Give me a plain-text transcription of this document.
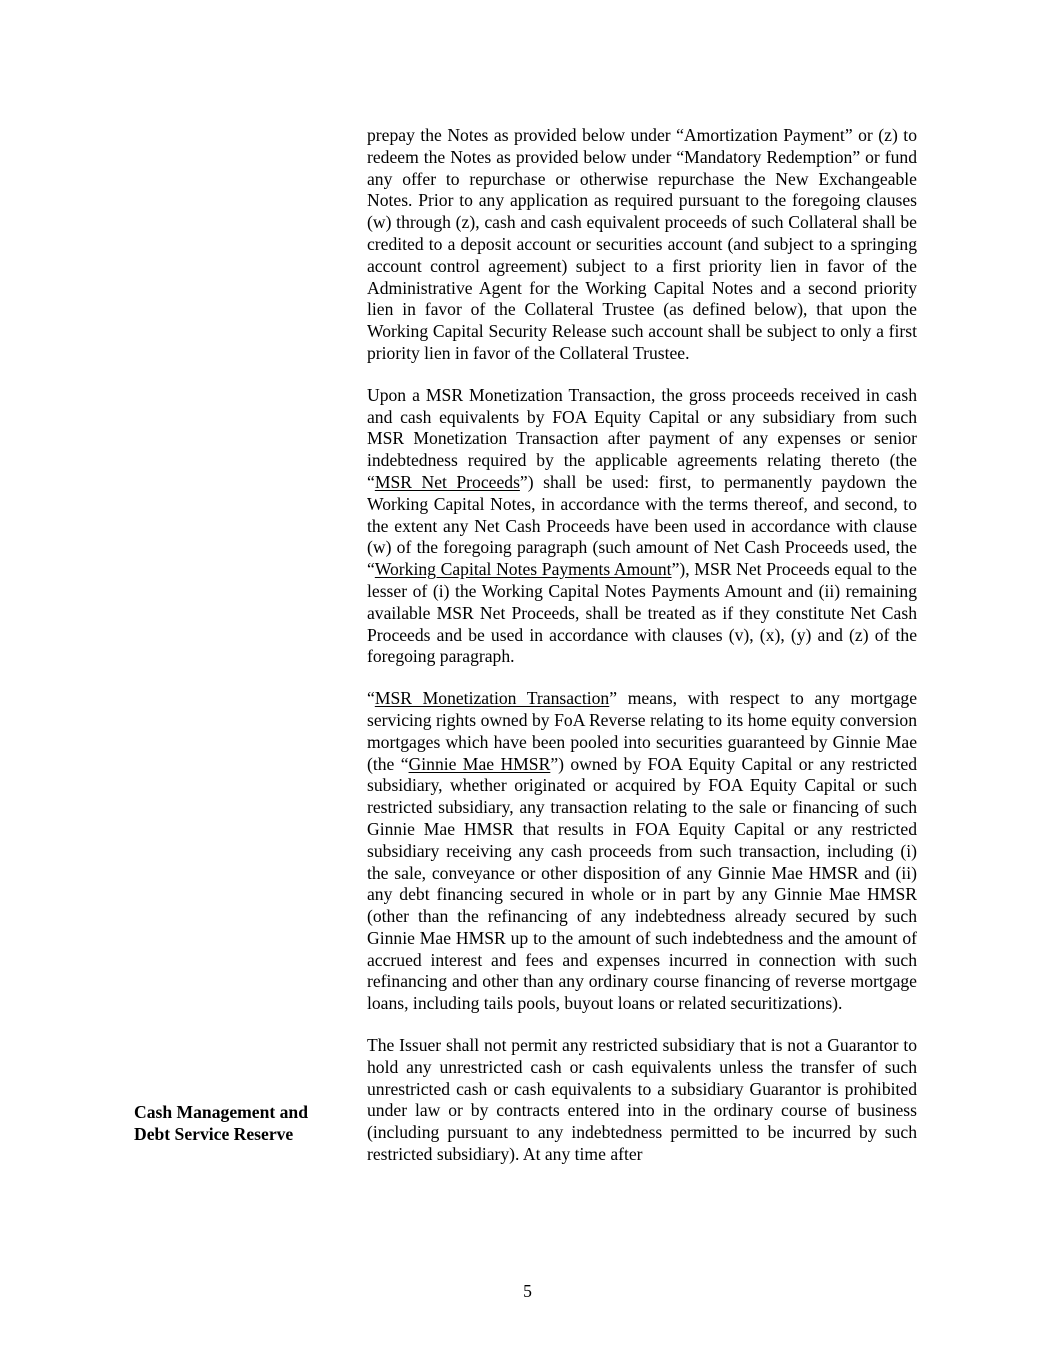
prepay the Notes as provided below under “Amortization Payment” or (z) to redeem the Notes as provided below under “Mandatory Redemption” or fund any offer to repurchase or otherwise repurchase the New Exchangeable Notes. Prior to any application as required pursuant to the foregoing clauses (w) through (z), cash and cash equivalent proceeds of such Collateral shall be credited to a deposit account or securities account (and subject to a springing account control agreement) subject to a first priority lien in favor of the Administrative Agent for the Working Capital Notes and a second priority lien in favor of the Collateral Trustee (as defined below), that upon the Working Capital Security Release such account shall be subject to only a first priority lien in favor of the Collateral Trustee.

Upon a MSR Monetization Transaction, the gross proceeds received in cash and cash equivalents by FOA Equity Capital or any subsidiary from such MSR Monetization Transaction after payment of any expenses or senior indebtedness required by the applicable agreements relating thereto (the “MSR Net Proceeds”) shall be used: first, to permanently paydown the Working Capital Notes, in accordance with the terms thereof, and second, to the extent any Net Cash Proceeds have been used in accordance with clause (w) of the foregoing paragraph (such amount of Net Cash Proceeds used, the “Working Capital Notes Payments Amount”), MSR Net Proceeds equal to the lesser of (i) the Working Capital Notes Payments Amount and (ii) remaining available MSR Net Proceeds, shall be treated as if they constitute Net Cash Proceeds and be used in accordance with clauses (v), (x), (y) and (z) of the foregoing paragraph.

“MSR Monetization Transaction” means, with respect to any mortgage servicing rights owned by FoA Reverse relating to its home equity conversion mortgages which have been pooled into securities guaranteed by Ginnie Mae (the “Ginnie Mae HMSR”) owned by FOA Equity Capital or any restricted subsidiary, whether originated or acquired by FOA Equity Capital or such restricted subsidiary, any transaction relating to the sale or financing of such Ginnie Mae HMSR that results in FOA Equity Capital or any restricted subsidiary receiving any cash proceeds from such transaction, including (i) the sale, conveyance or other disposition of any Ginnie Mae HMSR and (ii) any debt financing secured in whole or in part by any Ginnie Mae HMSR (other than the refinancing of any indebtedness already secured by such Ginnie Mae HMSR up to the amount of such indebtedness and the amount of accrued interest and fees and expenses incurred in connection with such refinancing and other than any ordinary course financing of reverse mortgage loans, including tails pools, buyout loans or related securitizations).

The Issuer shall not permit any restricted subsidiary that is not a Guarantor to hold any unrestricted cash or cash equivalents unless the transfer of such unrestricted cash or cash equivalents to a subsidiary Guarantor is prohibited under law or by contracts entered into in the ordinary course of business (including pursuant to any indebtedness permitted to be incurred by such restricted subsidiary). At any time after

Cash Management and
Debt Service Reserve
5
